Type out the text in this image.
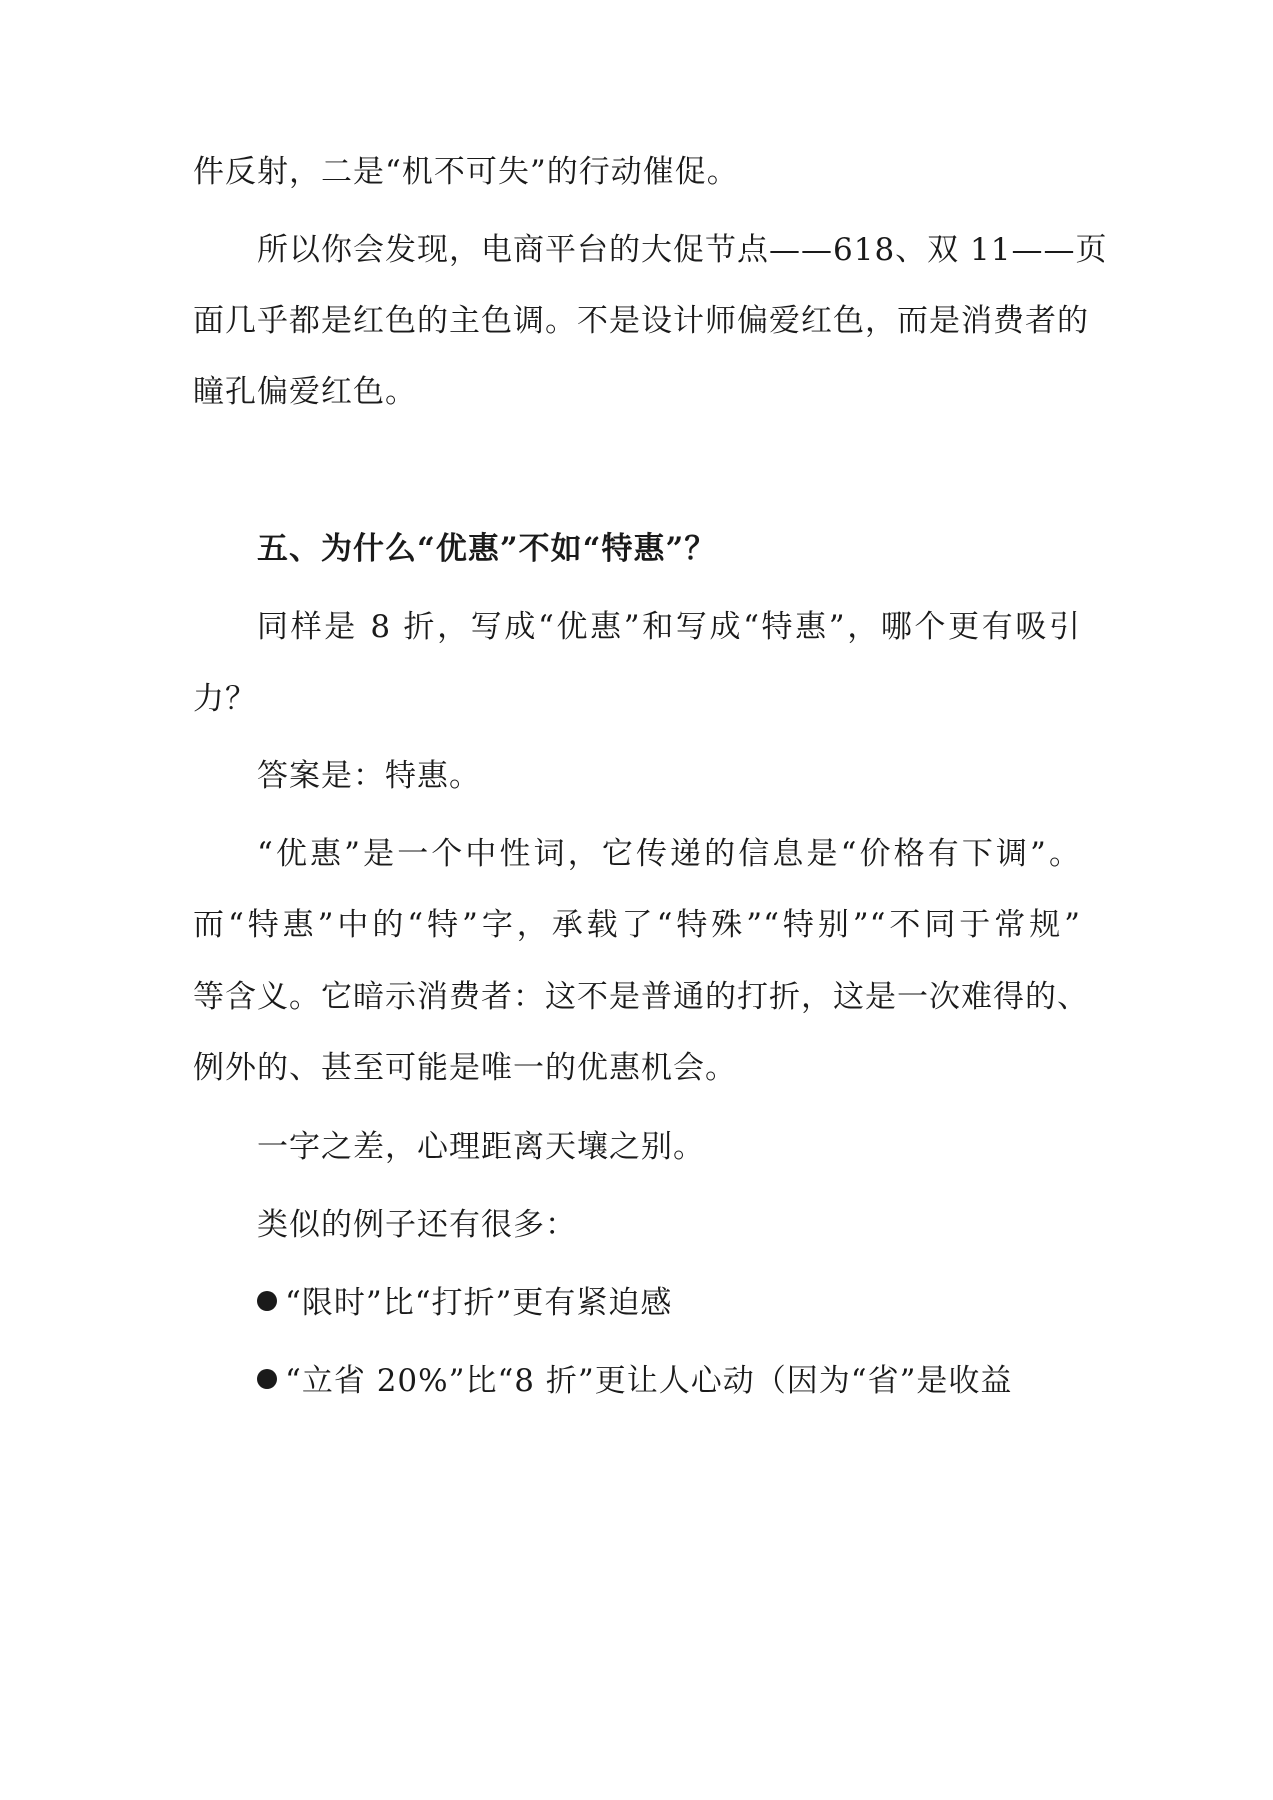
件反射，二是“机不可失”的行动催促。
所以你会发现，电商平台的大促节点——618、双 11——页
面几乎都是红色的主色调。不是设计师偏爱红色，而是消费者的
瞳孔偏爱红色。
五、为什么“优惠”不如“特惠”？
同样是 8 折，写成“优惠”和写成“特惠”，哪个更有吸引
力？
答案是：特惠。
“优惠”是一个中性词，它传递的信息是“价格有下调”。
而“特惠”中的“特”字，承载了“特殊”“特别”“不同于常规”
等含义。它暗示消费者：这不是普通的打折，这是一次难得的、
例外的、甚至可能是唯一的优惠机会。
一字之差，心理距离天壤之别。
类似的例子还有很多：
“限时”比“打折”更有紧迫感
“立省 20%”比“8 折”更让人心动（因为“省”是收益
